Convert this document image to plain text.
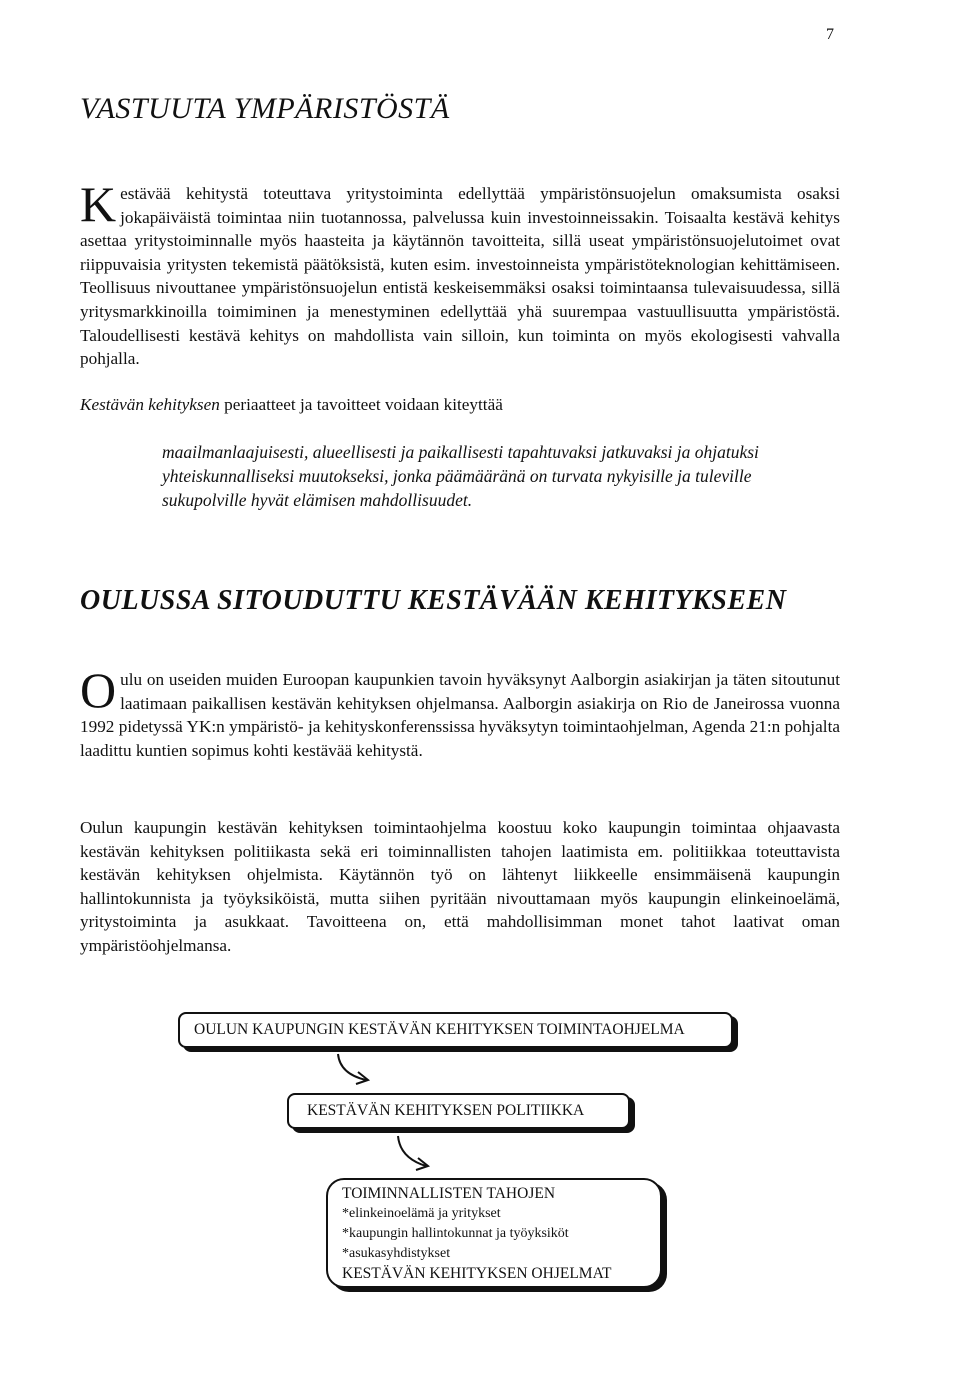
7
VASTUUTA YMPÄRISTÖSTÄ

Kestävää kehitystä toteuttava yritystoiminta edellyttää ympäristönsuojelun omaksumista osaksi jokapäiväistä toimintaa niin tuotannossa, palvelussa kuin investoinneissakin. Toisaalta kestävä kehitys asettaa yritystoiminnalle myös haasteita ja käytännön tavoitteita, sillä useat ympäristönsuojelutoimet ovat riippuvaisia yritysten tekemistä päätöksistä, kuten esim. investoinneista ympäristöteknologian kehittämiseen. Teollisuus nivouttanee ympäristönsuojelun entistä keskeisemmäksi osaksi toimintaansa tulevaisuudessa, sillä yritysmarkkinoilla toimiminen ja menestyminen edellyttää yhä suurempaa vastuullisuutta ympäristöstä. Taloudellisesti kestävä kehitys on mahdollista vain silloin, kun toiminta on myös ekologisesti vahvalla pohjalla.

Kestävän kehityksen periaatteet ja tavoitteet voidaan kiteyttää

maailmanlaajuisesti, alueellisesti ja paikallisesti tapahtuvaksi jatkuvaksi ja ohjatuksi yhteiskunnalliseksi muutokseksi, jonka päämääränä on turvata nykyisille ja tuleville sukupolville hyvät elämisen mahdollisuudet.

OULUSSA SITOUDUTTU KESTÄVÄÄN KEHITYKSEEN

Oulu on useiden muiden Euroopan kaupunkien tavoin hyväksynyt Aalborgin asiakirjan ja täten sitoutunut laatimaan paikallisen kestävän kehityksen ohjelmansa. Aalborgin asiakirja on Rio de Janeirossa vuonna 1992 pidetyssä YK:n ympäristö- ja kehityskonferenssissa hyväksytyn toimintaohjelman, Agenda 21:n pohjalta laadittu kuntien sopimus kohti kestävää kehitystä.

Oulun kaupungin kestävän kehityksen toimintaohjelma koostuu koko kaupungin toimintaa ohjaavasta kestävän kehityksen politiikasta sekä eri toiminnallisten tahojen laatimista em. politiikkaa toteuttavista kestävän kehityksen ohjelmista. Käytännön työ on lähtenyt liikkeelle ensimmäisenä kaupungin hallintokunnista ja työyksiköistä, mutta siihen pyritään nivouttamaan myös kaupungin elinkeinoelämä, yritystoiminta ja asukkaat. Tavoitteena on, että mahdollisimman monet tahot laativat oman ympäristöohjelmansa.

OULUN KAUPUNGIN KESTÄVÄN KEHITYKSEN TOIMINTAOHJELMA
KESTÄVÄN KEHITYKSEN POLITIIKKA
TOIMINNALLISTEN TAHOJEN
*elinkeinoelämä ja yritykset
*kaupungin hallintokunnat ja työyksiköt
*asukasyhdistykset
KESTÄVÄN KEHITYKSEN OHJELMAT
